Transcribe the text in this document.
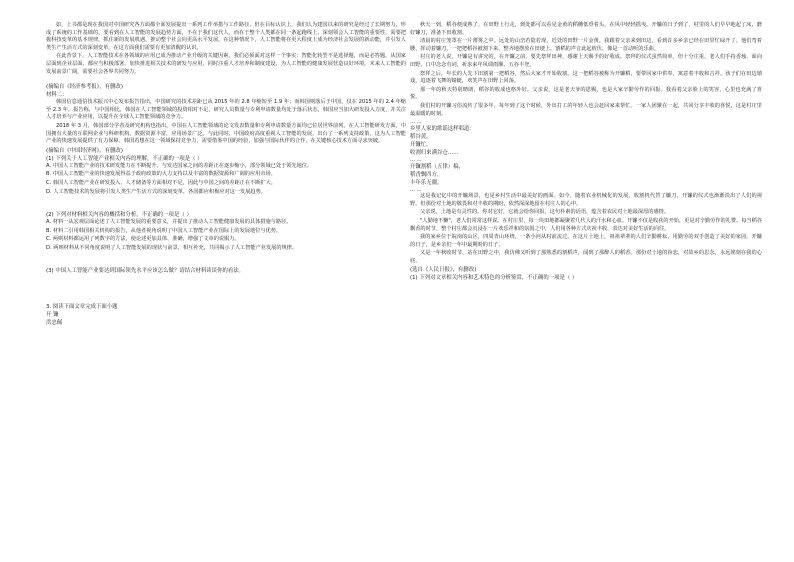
如，上书都是现在我国对中国研究各方面都全面发展提出一系列工作举措与工作路径。但在目标认识上，我们认为建国以来的研究是经过了长期努力，形成了系统的工作基础的，要看到在人工智能的发展趋势方面，不在于我们这代人，而在于整个人类都在同一条起跑线上。深刻领会人工智能的重要性，需要把握科技变革的基本规律，抓住新的发展机遇，推动整个社会向更高水平发展。在这种情况下，人工智能将在更大程度上成为经济社会发展的新动能，并引发人类生产生活方式的深刻变革，在这方面我们需要有更加清醒的认识。

在此背景下，人工智能技术在各领域的应用已成为推动产业升级的关键因素。我们必须面对这样一个事实：智能化转型不是选择题，而是必答题。从国家层面到企业层面，都应当积极部署，加快推进相关技术的研发与应用，同时注重人才培养和制度建设，为人工智能的健康发展营造良好环境。未来人工智能的发展前景广阔，需要社会各界共同努力。

(摘编自《经济参考报》，有删改)

材料二：

韩国信息通信技术振兴中心发布报告指出，中国研究的技术差距已从 2015 年的 2.8 年缩短至 1.9 年；而韩国则落后于中国，仅在 2015 年的 2.4 年缩至 2.3 年。报告称，与中国相比，韩国在人工智能领域的投资相对不足，研究人员数量与专利申请数量均处于落后状态，韩国应当加大研发投入力度，并关注人才培养与产业应用，以提升在全球人工智能领域的竞争力。

2018 年 3 月，韩国部分学者及研究机构也指出，中国在人工智能领域的论文发表数量和专利申请数量方面均已位居世界前列。在人工智能研发方面，中国拥有大量的互联网企业与科研机构，数据资源丰富，应用场景广泛。与此同时，中国政府高度重视人工智能的发展，出台了一系列支持政策，这为人工智能产业的快速发展提供了有力保障。韩国若想在这一领域保持竞争力，需要借鉴中国的经验，加强与国际伙伴的合作，在关键核心技术方面寻求突破。

(摘编自《中国经济网》，有删改)

(1) 下列关于人工智能产业相关内容的理解，不正确的一项是（ ）

A. 中国人工智能产业的技术研发能力在不断提升，与发达国家之间的差距正在逐步缩小，部分领域已处于领先地位。

B. 中国人工智能产业的快速发展得益于政府政策的大力支持以及丰富的数据资源和广阔的应用市场。

C. 韩国人工智能产业在研发投入、人才储备等方面相对不足，因此与中国之间的差距正在不断扩大。

D. 人工智能技术的发展将引发人类生产生活方式的深刻变革，各国都应积极应对这一发展趋势。

(2) 下列对材料相关内容的概括和分析，不正确的一项是（ ）

A. 材料一从宏观层面论述了人工智能发展的重要意义，并提出了推动人工智能健康发展的具体措施与路径。

B. 材料二引用韩国相关机构的报告，从他者视角说明了中国人工智能产业在国际上的发展地位与优势。

C. 两则材料都运用了列数字的方法，使论述更加具体、准确，增强了文章的说服力。

D. 两则材料从不同角度说明了人工智能发展的现状与前景，相互补充，共同揭示了人工智能产业发展的规律。

(3) 中国人工智能产业要达到国际领先水平应该怎么做？请结合材料谈谈你的看法。

3. 阅读下面文章完成下面小题

开 镰

洪忠佩

秋天一到，稻谷便成熟了。在田野上行走，到处都可以看见金黄的稻穗低垂着头，在风中轻轻摇曳。开镰的日子到了，村里的人们早早地起了床，磨好镰刀，准备下田收割。

清晨的村庄笼罩在一片薄雾之中。远处的山峦若隐若现，近处的田野一片金黄。我跟着父亲来到田边，看到许多乡亲已经在田里忙碌开了。他们弯着腰，挥动着镰刀，一把把稻谷被割下来，整齐地摆放在田埂上。割稻的声音此起彼伏，像是一首动听的乐曲。

村庄的老人说，开镰是有讲究的。在开镰之前，要先祭拜田神，感谢上天赐予的好收成。祭拜的仪式虽然简单，但十分庄重。老人们手持香烛，面向田野，口中念念有词，祈求来年风调雨顺、五谷丰登。

祭拜之后，年长的人先下田割第一把稻谷，然后大家才开始收割。这一把稻谷被称为开镰稻，要带回家中供奉，寓意着丰收和吉祥。孩子们在田边嬉戏，追逐着飞舞的蜻蜓，欢笑声在田野上回荡。

那一年的秋天特别晴朗，稻谷的收成也格外好。父亲说，这是老天爷的恩赐，也是大家辛勤劳作的回报。我看着父亲脸上的笑容，心里也充满了喜悦。

我们村的开镰习俗流传了很多年。每年到了这个时候，外出打工的年轻人也会赶回家来帮忙。一家人团聚在一起，共同分享丰收的喜悦，这是村庄里最温暖的时刻。

……

乡里人家的歌谣这样唱道：

稻谷黄，

开镰忙，

收割归来满谷仓……

……

开镰割稻（五律）稿，

稻香飘四方，

丰年乐无疆。

……

这是我记忆中的开镰场景，也是乡村生活中最美好的画面。如今，随着农业机械化的发展，收割机代替了镰刀，开镰的仪式也渐渐淡出了人们的视野。但那份对土地的敬畏和对丰收的期盼，依然深深地留在村庄人的心中。

父亲说，土地是有灵性的。你对它好，它就会给你回报。这句朴素的话语，蕴含着农民对土地最深厚的感情。

"人勤地不懒"，老人们常常这样说。在村庄里，每一块田地都凝聚着几代人的汗水和心血。开镰不仅是收获的开始，更是对辛勤劳作的礼赞。每当稻谷飘香的时节，整个村庄都会沉浸在一片欢乐祥和的氛围之中，人们用各种方式庆祝丰收，表达对美好生活的向往。

我的家乡位于皖南的山区，四周青山环绕，一条小河从村前流过。在这片土地上，祖祖辈辈的人们辛勤耕耘，用勤劳的双手创造了美好的家园。开镰的日子，是乡亲们一年中最期盼的日子。

又是一年秋收时节，站在田野之中，我仿佛又听到了那熟悉的割稻声，闻到了那醉人的稻香。那份对土地的眷恋，对故乡的思念，永远铭刻在我的心底。

(选自《人民日报》，有删改)

(1) 下列对文章相关内容和艺术特色的分析鉴赏，不正确的一项是（ ）
